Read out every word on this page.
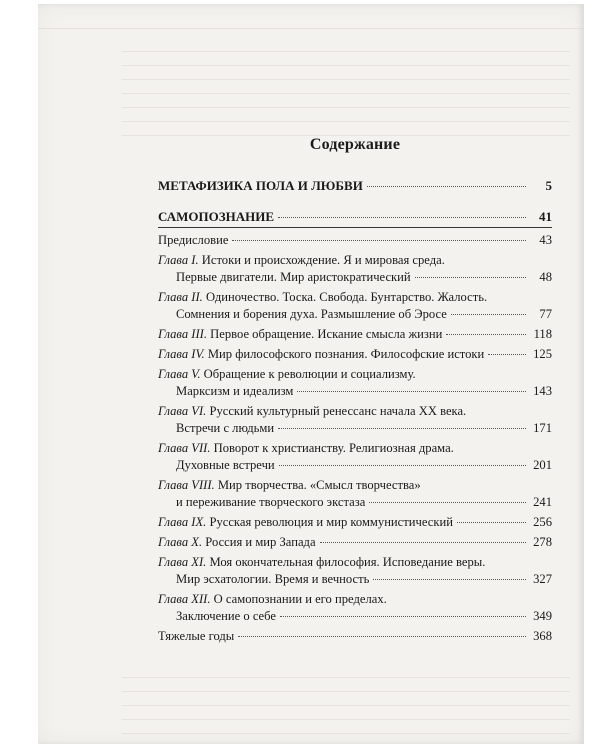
Содержание
МЕТАФИЗИКА ПОЛА И ЛЮБВИ	5
САМОПОЗНАНИЕ	41
Предисловие	43
Глава I. Истоки и происхождение. Я и мировая среда.
Первые двигатели. Мир аристократический	48
Глава II. Одиночество. Тоска. Свобода. Бунтарство. Жалость.
Сомнения и борения духа. Размышление об Эросе	77
Глава III. Первое обращение. Искание смысла жизни	118
Глава IV. Мир философского познания. Философские истоки	125
Глава V. Обращение к революции и социализму.
Марксизм и идеализм	143
Глава VI. Русский культурный ренессанс начала XX века.
Встречи с людьми	171
Глава VII. Поворот к христианству. Религиозная драма.
Духовные встречи	201
Глава VIII. Мир творчества. «Смысл творчества»
и переживание творческого экстаза	241
Глава IX. Русская революция и мир коммунистический	256
Глава X. Россия и мир Запада	278
Глава XI. Моя окончательная философия. Исповедание веры.
Мир эсхатологии. Время и вечность	327
Глава XII. О самопознании и его пределах.
Заключение о себе	349
Тяжелые годы	368
